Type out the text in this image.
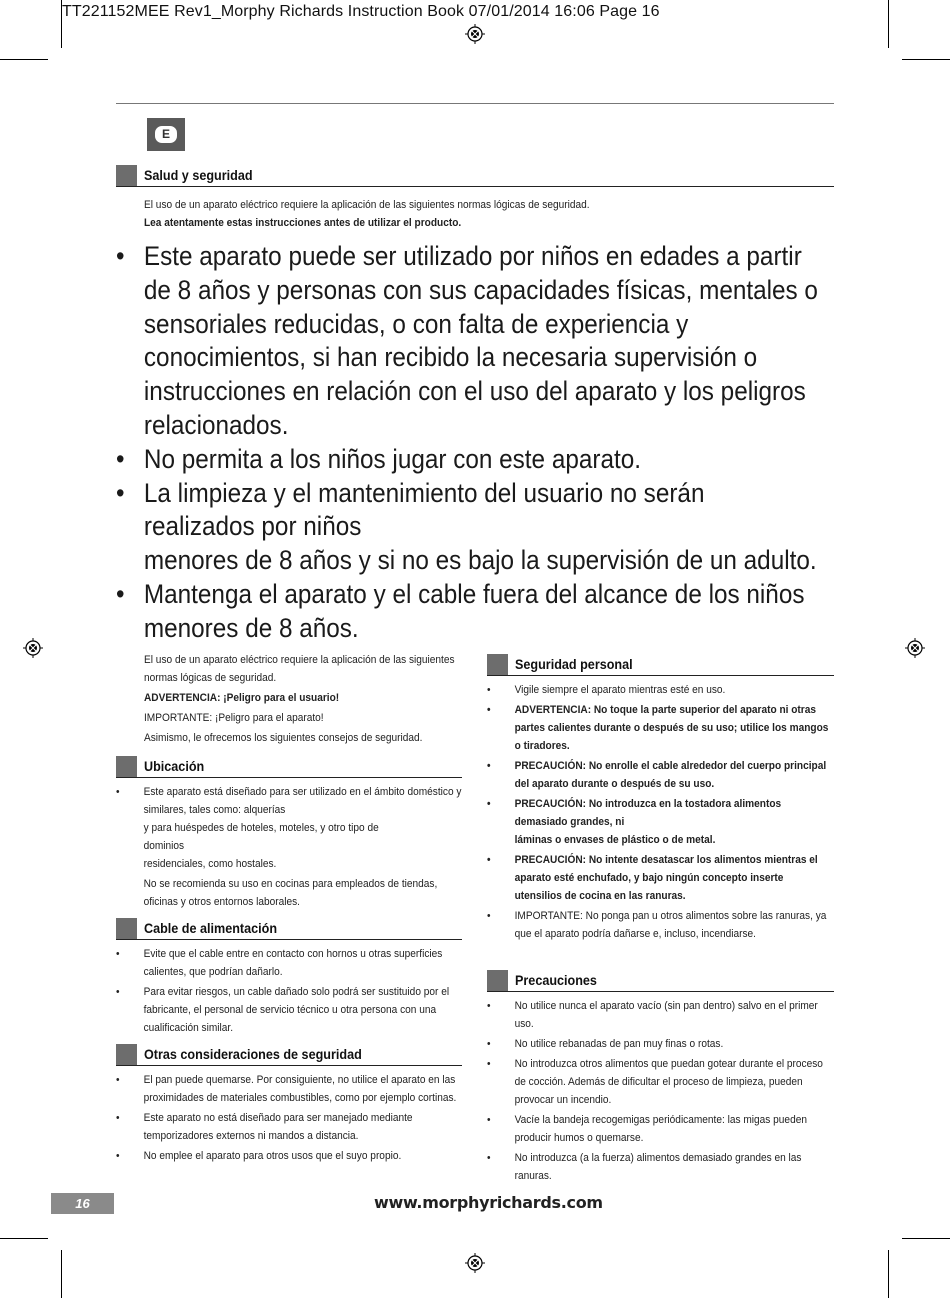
TT221152MEE Rev1_Morphy Richards Instruction Book 07/01/2014 16:06 Page 16
E
Salud y seguridad

El uso de un aparato eléctrico requiere la aplicación de las siguientes normas lógicas de seguridad.

Lea atentamente estas instrucciones antes de utilizar el producto.

• Este aparato puede ser utilizado por niños en edades a partir de 8 años y personas con sus capacidades físicas, mentales o sensoriales reducidas, o con falta de experiencia y conocimientos, si han recibido la necesaria supervisión o instrucciones en relación con el uso del aparato y los peligros relacionados.
• No permita a los niños jugar con este aparato.
• La limpieza y el mantenimiento del usuario no serán realizados por niños
menores de 8 años y si no es bajo la supervisión de un adulto.
• Mantenga el aparato y el cable fuera del alcance de los niños menores de 8 años.

El uso de un aparato eléctrico requiere la aplicación de las siguientes normas lógicas de seguridad.

ADVERTENCIA: ¡Peligro para el usuario!

IMPORTANTE: ¡Peligro para el aparato!

Asimismo, le ofrecemos los siguientes consejos de seguridad.

Ubicación
• Este aparato está diseñado para ser utilizado en el ámbito doméstico y similares, tales como: alquerías
y para huéspedes de hoteles, moteles, y otro tipo de
dominios
residenciales, como hostales.
No se recomienda su uso en cocinas para empleados de tiendas, oficinas y otros entornos laborales.
Cable de alimentación
• Evite que el cable entre en contacto con hornos u otras superficies calientes, que podrían dañarlo.
• Para evitar riesgos, un cable dañado solo podrá ser sustituido por el fabricante, el personal de servicio técnico u otra persona con una cualificación similar.
Otras consideraciones de seguridad
• El pan puede quemarse. Por consiguiente, no utilice el aparato en las proximidades de materiales combustibles, como por ejemplo cortinas.
• Este aparato no está diseñado para ser manejado mediante temporizadores externos ni mandos a distancia.
• No emplee el aparato para otros usos que el suyo propio.
Seguridad personal
• Vigile siempre el aparato mientras esté en uso.
• ADVERTENCIA: No toque la parte superior del aparato ni otras partes calientes durante o después de su uso; utilice los mangos o tiradores.
• PRECAUCIÓN: No enrolle el cable alrededor del cuerpo principal del aparato durante o después de su uso.
• PRECAUCIÓN: No introduzca en la tostadora alimentos demasiado grandes, ni
láminas o envases de plástico o de metal.
• PRECAUCIÓN: No intente desatascar los alimentos mientras el
aparato esté enchufado, y bajo ningún concepto inserte utensilios de cocina en las ranuras.
• IMPORTANTE: No ponga pan u otros alimentos sobre las ranuras, ya que el aparato podría dañarse e, incluso, incendiarse.
Precauciones
• No utilice nunca el aparato vacío (sin pan dentro) salvo en el primer uso.
• No utilice rebanadas de pan muy finas o rotas.
• No introduzca otros alimentos que puedan gotear durante el proceso de cocción. Además de dificultar el proceso de limpieza, pueden provocar un incendio.
• Vacíe la bandeja recogemigas periódicamente: las migas pueden producir humos o quemarse.
• No introduzca (a la fuerza) alimentos demasiado grandes en las ranuras.
16	www.morphyrichards.com
